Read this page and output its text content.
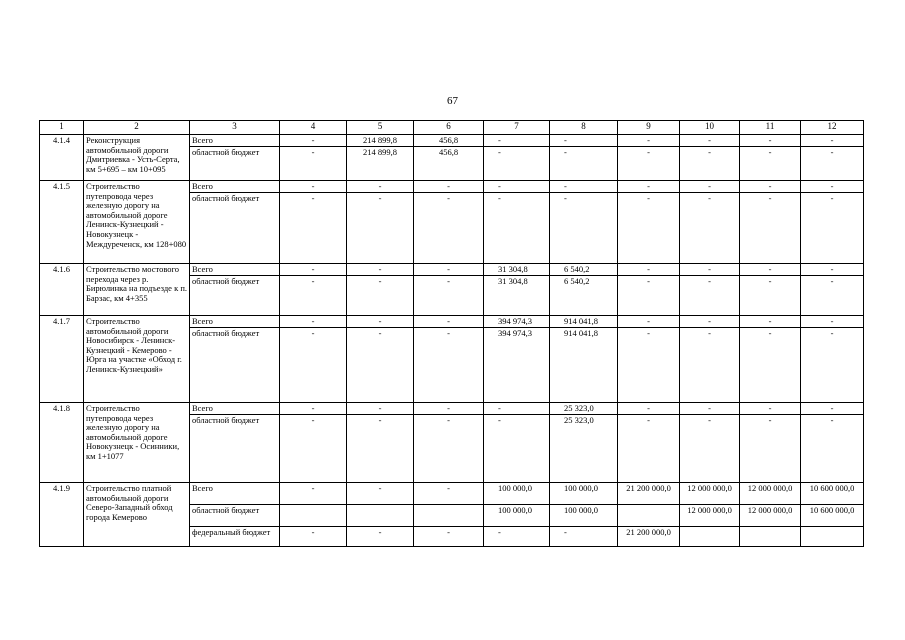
67
1	2	3	4	5	6	7	8	9	10	11	12
4.1.4	Реконструкция автомобильной дороги Дмитриевка - Усть-Серта, км 5+695 – км 10+095	Всего	-	214 899,8	456,8	-	-	-	-	-	-
		областной бюджет	-	214 899,8	456,8	-	-	-	-	-	-
4.1.5	Строительство путепровода через железную дорогу на автомобильной дороге Ленинск-Кузнецкий - Новокузнецк - Междуреченск, км 128+080	Всего	-	-	-	-	-	-	-	-	-
		областной бюджет	-	-	-	-	-	-	-	-	-
4.1.6	Строительство мостового перехода через р. Бирюлинка на подъезде к п. Барзас, км 4+355	Всего	-	-	-	31 304,8	6 540,2	-	-	-	-
		областной бюджет	-	-	-	31 304,8	6 540,2	-	-	-	-
4.1.7	Строительство автомобильной дороги Новосибирск - Ленинск-Кузнецкий - Кемерово - Юрга на участке «Обход г. Ленинск-Кузнецкий»	Всего	-	-	-	394 974,3	914 041,8	-	-	-	-
		областной бюджет	-	-	-	394 974,3	914 041,8	-	-	-	-
4.1.8	Строительство путепровода через железную дорогу на автомобильной дороге Новокузнецк - Осинники, км 1+1077	Всего	-	-	-	-	25 323,0	-	-	-	-
		областной бюджет	-	-	-	-	25 323,0	-	-	-	-
4.1.9	Строительство платной автомобильной дороги Северо-Западный обход города Кемерово	Всего	-	-	-	100 000,0	100 000,0	21 200 000,0	12 000 000,0	12 000 000,0	10 600 000,0
		областной бюджет				100 000,0	100 000,0		12 000 000,0	12 000 000,0	10 600 000,0
		федеральный бюджет	-	-	-	-	-	21 200 000,0			
